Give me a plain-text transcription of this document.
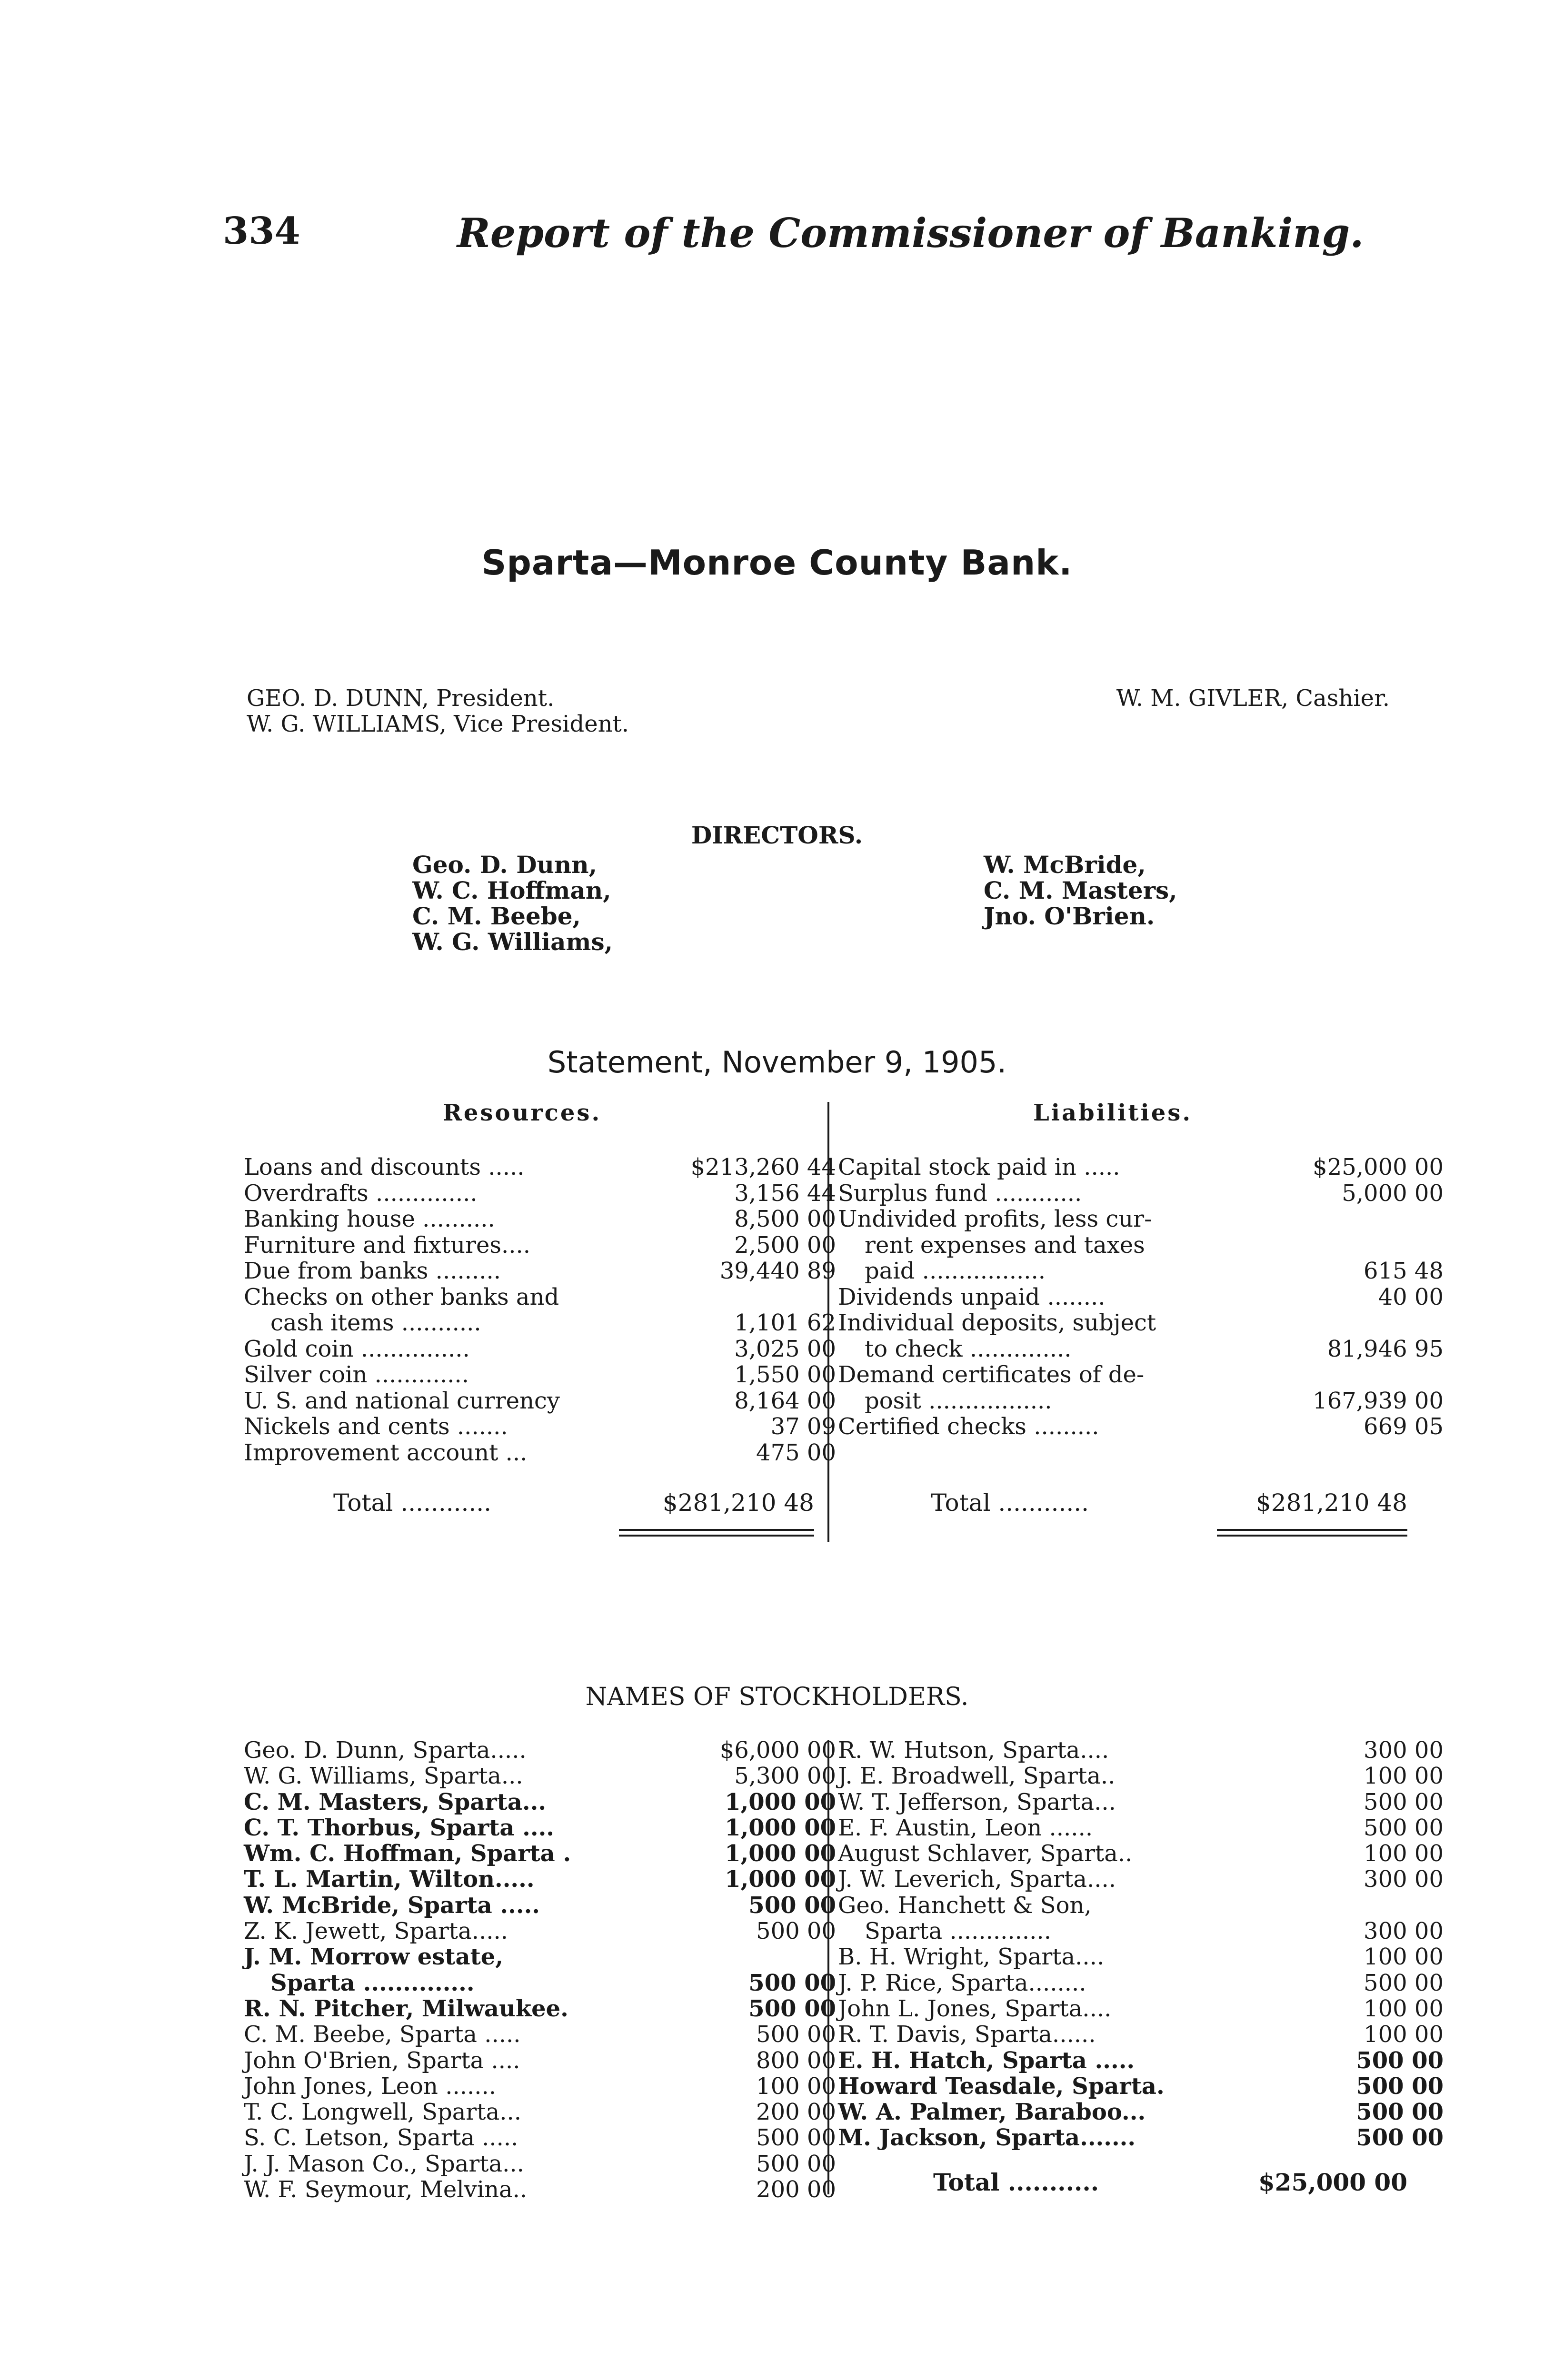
334	Report of the Commissioner of Banking.
Sparta—Monroe County Bank.
GEO. D. DUNN, President.
W. G. WILLIAMS, Vice President.
W. M. GIVLER, Cashier.
DIRECTORS.
Geo. D. Dunn,
W. C. Hoffman,
C. M. Beebe,
W. G. Williams,
W. McBride,
C. M. Masters,
Jno. O'Brien.
Statement, November 9, 1905.
Resources.	Liabilities.
Loans and discounts .....	$213,260 44
Overdrafts ..............	3,156 44
Banking house ..........	8,500 00
Furniture and fixtures....	2,500 00
Due from banks .........	39,440 89
Checks on other banks and	
cash items ...........	1,101 62
Gold coin ...............	3,025 00
Silver coin .............	1,550 00
U. S. and national currency	8,164 00
Nickels and cents .......	37 09
Improvement account ...	475 00
Capital stock paid in .....	$25,000 00
Surplus fund ............	5,000 00
Undivided profits, less cur-	
rent expenses and taxes	
paid .................	615 48
Dividends unpaid ........	40 00
Individual deposits, subject	
to check ..............	81,946 95
Demand certificates of de-	
posit .................	167,939 00
Certified checks .........	669 05
Total ............	$281,210 48	Total ............	$281,210 48
NAMES OF STOCKHOLDERS.
Geo. D. Dunn, Sparta.....	$6,000 00
W. G. Williams, Sparta...	5,300 00
C. M. Masters, Sparta...	1,000 00
C. T. Thorbus, Sparta ....	1,000 00
Wm. C. Hoffman, Sparta .	1,000 00
T. L. Martin, Wilton.....	1,000 00
W. McBride, Sparta .....	500 00
Z. K. Jewett, Sparta.....	500 00
J. M. Morrow estate,	
Sparta ..............	500 00
R. N. Pitcher, Milwaukee.	500 00
C. M. Beebe, Sparta .....	500 00
John O'Brien, Sparta ....	800 00
John Jones, Leon .......	100 00
T. C. Longwell, Sparta...	200 00
S. C. Letson, Sparta .....	500 00
J. J. Mason Co., Sparta...	500 00
W. F. Seymour, Melvina..	200 00
R. W. Hutson, Sparta....	300 00
J. E. Broadwell, Sparta..	100 00
W. T. Jefferson, Sparta...	500 00
E. F. Austin, Leon ......	500 00
August Schlaver, Sparta..	100 00
J. W. Leverich, Sparta....	300 00
Geo. Hanchett & Son,	
Sparta ..............	300 00
B. H. Wright, Sparta....	100 00
J. P. Rice, Sparta........	500 00
John L. Jones, Sparta....	100 00
R. T. Davis, Sparta......	100 00
E. H. Hatch, Sparta .....	500 00
Howard Teasdale, Sparta.	500 00
W. A. Palmer, Baraboo...	500 00
M. Jackson, Sparta.......	500 00
Total ...........	$25,000 00
